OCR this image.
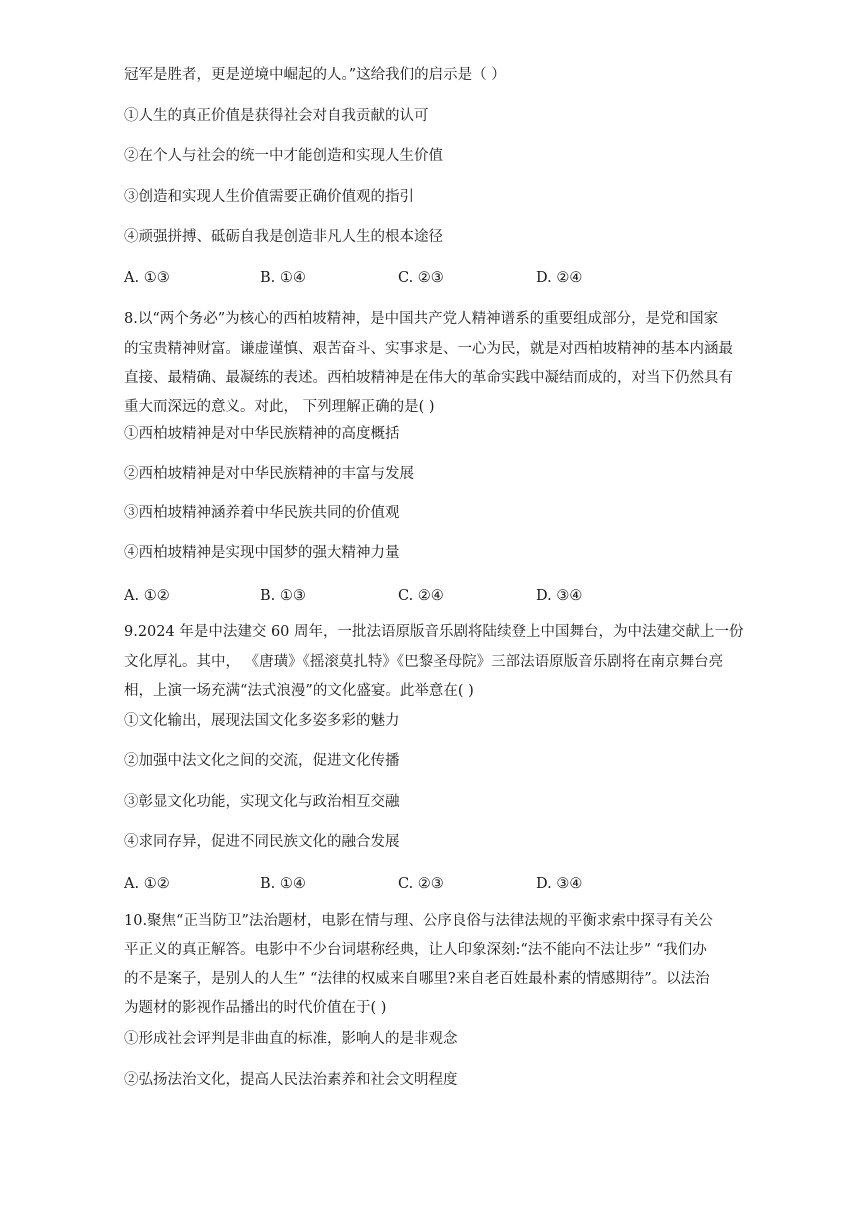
冠军是胜者，更是逆境中崛起的人。”这给我们的启示是（ ）
①人生的真正价值是获得社会对自我贡献的认可
②在个人与社会的统一中才能创造和实现人生价值
③创造和实现人生价值需要正确价值观的指引
④顽强拼搏、砥砺自我是创造非凡人生的根本途径
A. ①③	B. ①④	C. ②③	D. ②④
8.以“两个务必”为核心的西柏坡精神，是中国共产党人精神谱系的重要组成部分，是党和国家
的宝贵精神财富。谦虚谨慎、艰苦奋斗、实事求是、一心为民，就是对西柏坡精神的基本内涵最
直接、最精确、最凝练的表述。西柏坡精神是在伟大的革命实践中凝结而成的，对当下仍然具有
重大而深远的意义。对此， 下列理解正确的是( )
①西柏坡精神是对中华民族精神的高度概括
②西柏坡精神是对中华民族精神的丰富与发展
③西柏坡精神涵养着中华民族共同的价值观
④西柏坡精神是实现中国梦的强大精神力量
A. ①②	B. ①③	C. ②④	D. ③④
9.2024 年是中法建交 60 周年，一批法语原版音乐剧将陆续登上中国舞台，为中法建交献上一份
文化厚礼。其中， 《唐璜》《摇滚莫扎特》《巴黎圣母院》三部法语原版音乐剧将在南京舞台亮
相，上演一场充满“法式浪漫”的文化盛宴。此举意在( )
①文化输出，展现法国文化多姿多彩的魅力
②加强中法文化之间的交流，促进文化传播
③彰显文化功能，实现文化与政治相互交融
④求同存异，促进不同民族文化的融合发展
A. ①②	B. ①④	C. ②③	D. ③④
10.聚焦“正当防卫”法治题材，电影在情与理、公序良俗与法律法规的平衡求索中探寻有关公
平正义的真正解答。电影中不少台词堪称经典，让人印象深刻:“法不能向不法让步” “我们办
的不是案子，是别人的人生” “法律的权威来自哪里?来自老百姓最朴素的情感期待”。以法治
为题材的影视作品播出的时代价值在于( )
①形成社会评判是非曲直的标准，影响人的是非观念
②弘扬法治文化，提高人民法治素养和社会文明程度
